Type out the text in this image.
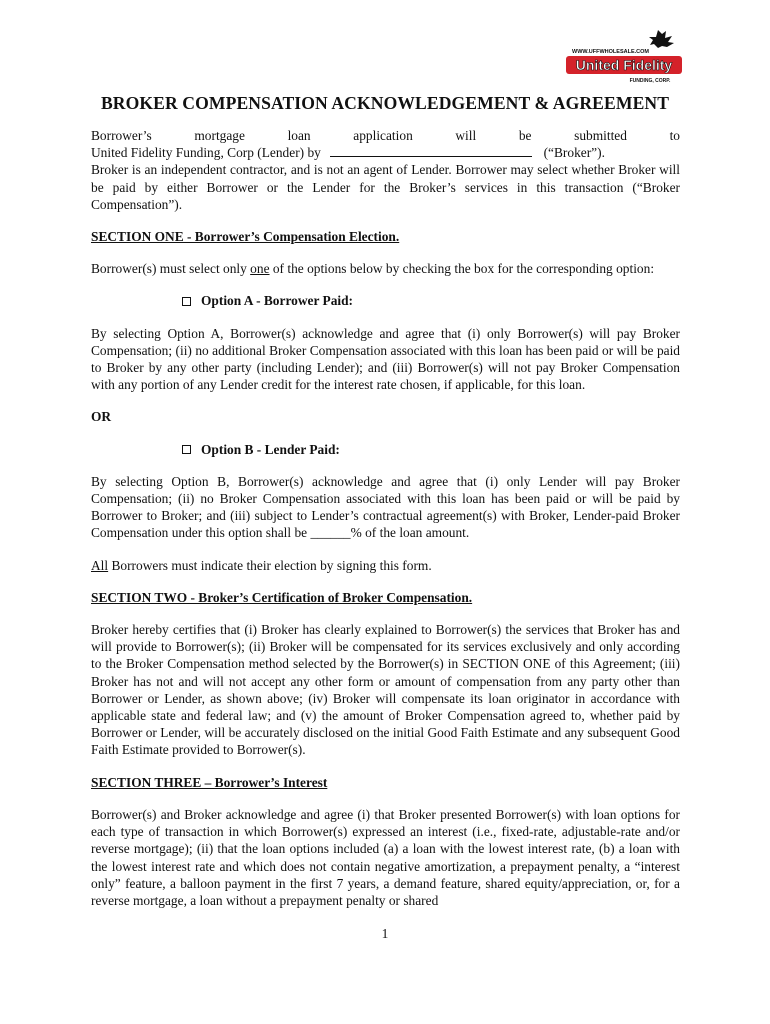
WWW.UFFWHOLESALE.COM
United Fidelity
FUNDING, CORP.
BROKER COMPENSATION ACKNOWLEDGEMENT & AGREEMENT
Borrower’s	mortgage	loan	application	will	be	submitted	to

United Fidelity Funding, Corp (Lender) by	(“Broker”).

Broker is an independent contractor, and is not an agent of Lender. Borrower may select whether Broker will be paid by either Borrower or the Lender for the Broker’s services in this transaction (“Broker Compensation”).

SECTION ONE - Borrower’s Compensation Election.

Borrower(s) must select only one of the options below by checking the box for the corresponding option:

Option A - Borrower Paid:

By selecting Option A, Borrower(s) acknowledge and agree that (i) only Borrower(s) will pay Broker Compensation; (ii) no additional Broker Compensation associated with this loan has been paid or will be paid to Broker by any other party (including Lender); and (iii) Borrower(s) will not pay Broker Compensation with any portion of any Lender credit for the interest rate chosen, if applicable, for this loan.

OR

Option B - Lender Paid:

By selecting Option B, Borrower(s) acknowledge and agree that (i) only Lender will pay Broker Compensation; (ii) no Broker Compensation associated with this loan has been paid or will be paid by Borrower to Broker; and (iii) subject to Lender’s contractual agreement(s) with Broker, Lender-paid Broker Compensation under this option shall be ______% of the loan amount.

All Borrowers must indicate their election by signing this form.

SECTION TWO - Broker’s Certification of Broker Compensation.

Broker hereby certifies that (i) Broker has clearly explained to Borrower(s) the services that Broker has and will provide to Borrower(s); (ii) Broker will be compensated for its services exclusively and only according to the Broker Compensation method selected by the Borrower(s) in SECTION ONE of this Agreement; (iii) Broker has not and will not accept any other form or amount of compensation from any party other than Borrower or Lender, as shown above; (iv) Broker will compensate its loan originator in accordance with applicable state and federal law; and (v) the amount of Broker Compensation agreed to, whether paid by Borrower or Lender, will be accurately disclosed on the initial Good Faith Estimate and any subsequent Good Faith Estimate provided to Borrower(s).

SECTION THREE – Borrower’s Interest

Borrower(s) and Broker acknowledge and agree (i) that Broker presented Borrower(s) with loan options for each type of transaction in which Borrower(s) expressed an interest (i.e., fixed-rate, adjustable-rate and/or reverse mortgage); (ii) that the loan options included (a) a loan with the lowest interest rate, (b) a loan with the lowest interest rate and which does not contain negative amortization, a prepayment penalty, a “interest only” feature, a balloon payment in the first 7 years, a demand feature, shared equity/appreciation, or, for a reverse mortgage, a loan without a prepayment penalty or shared

1
